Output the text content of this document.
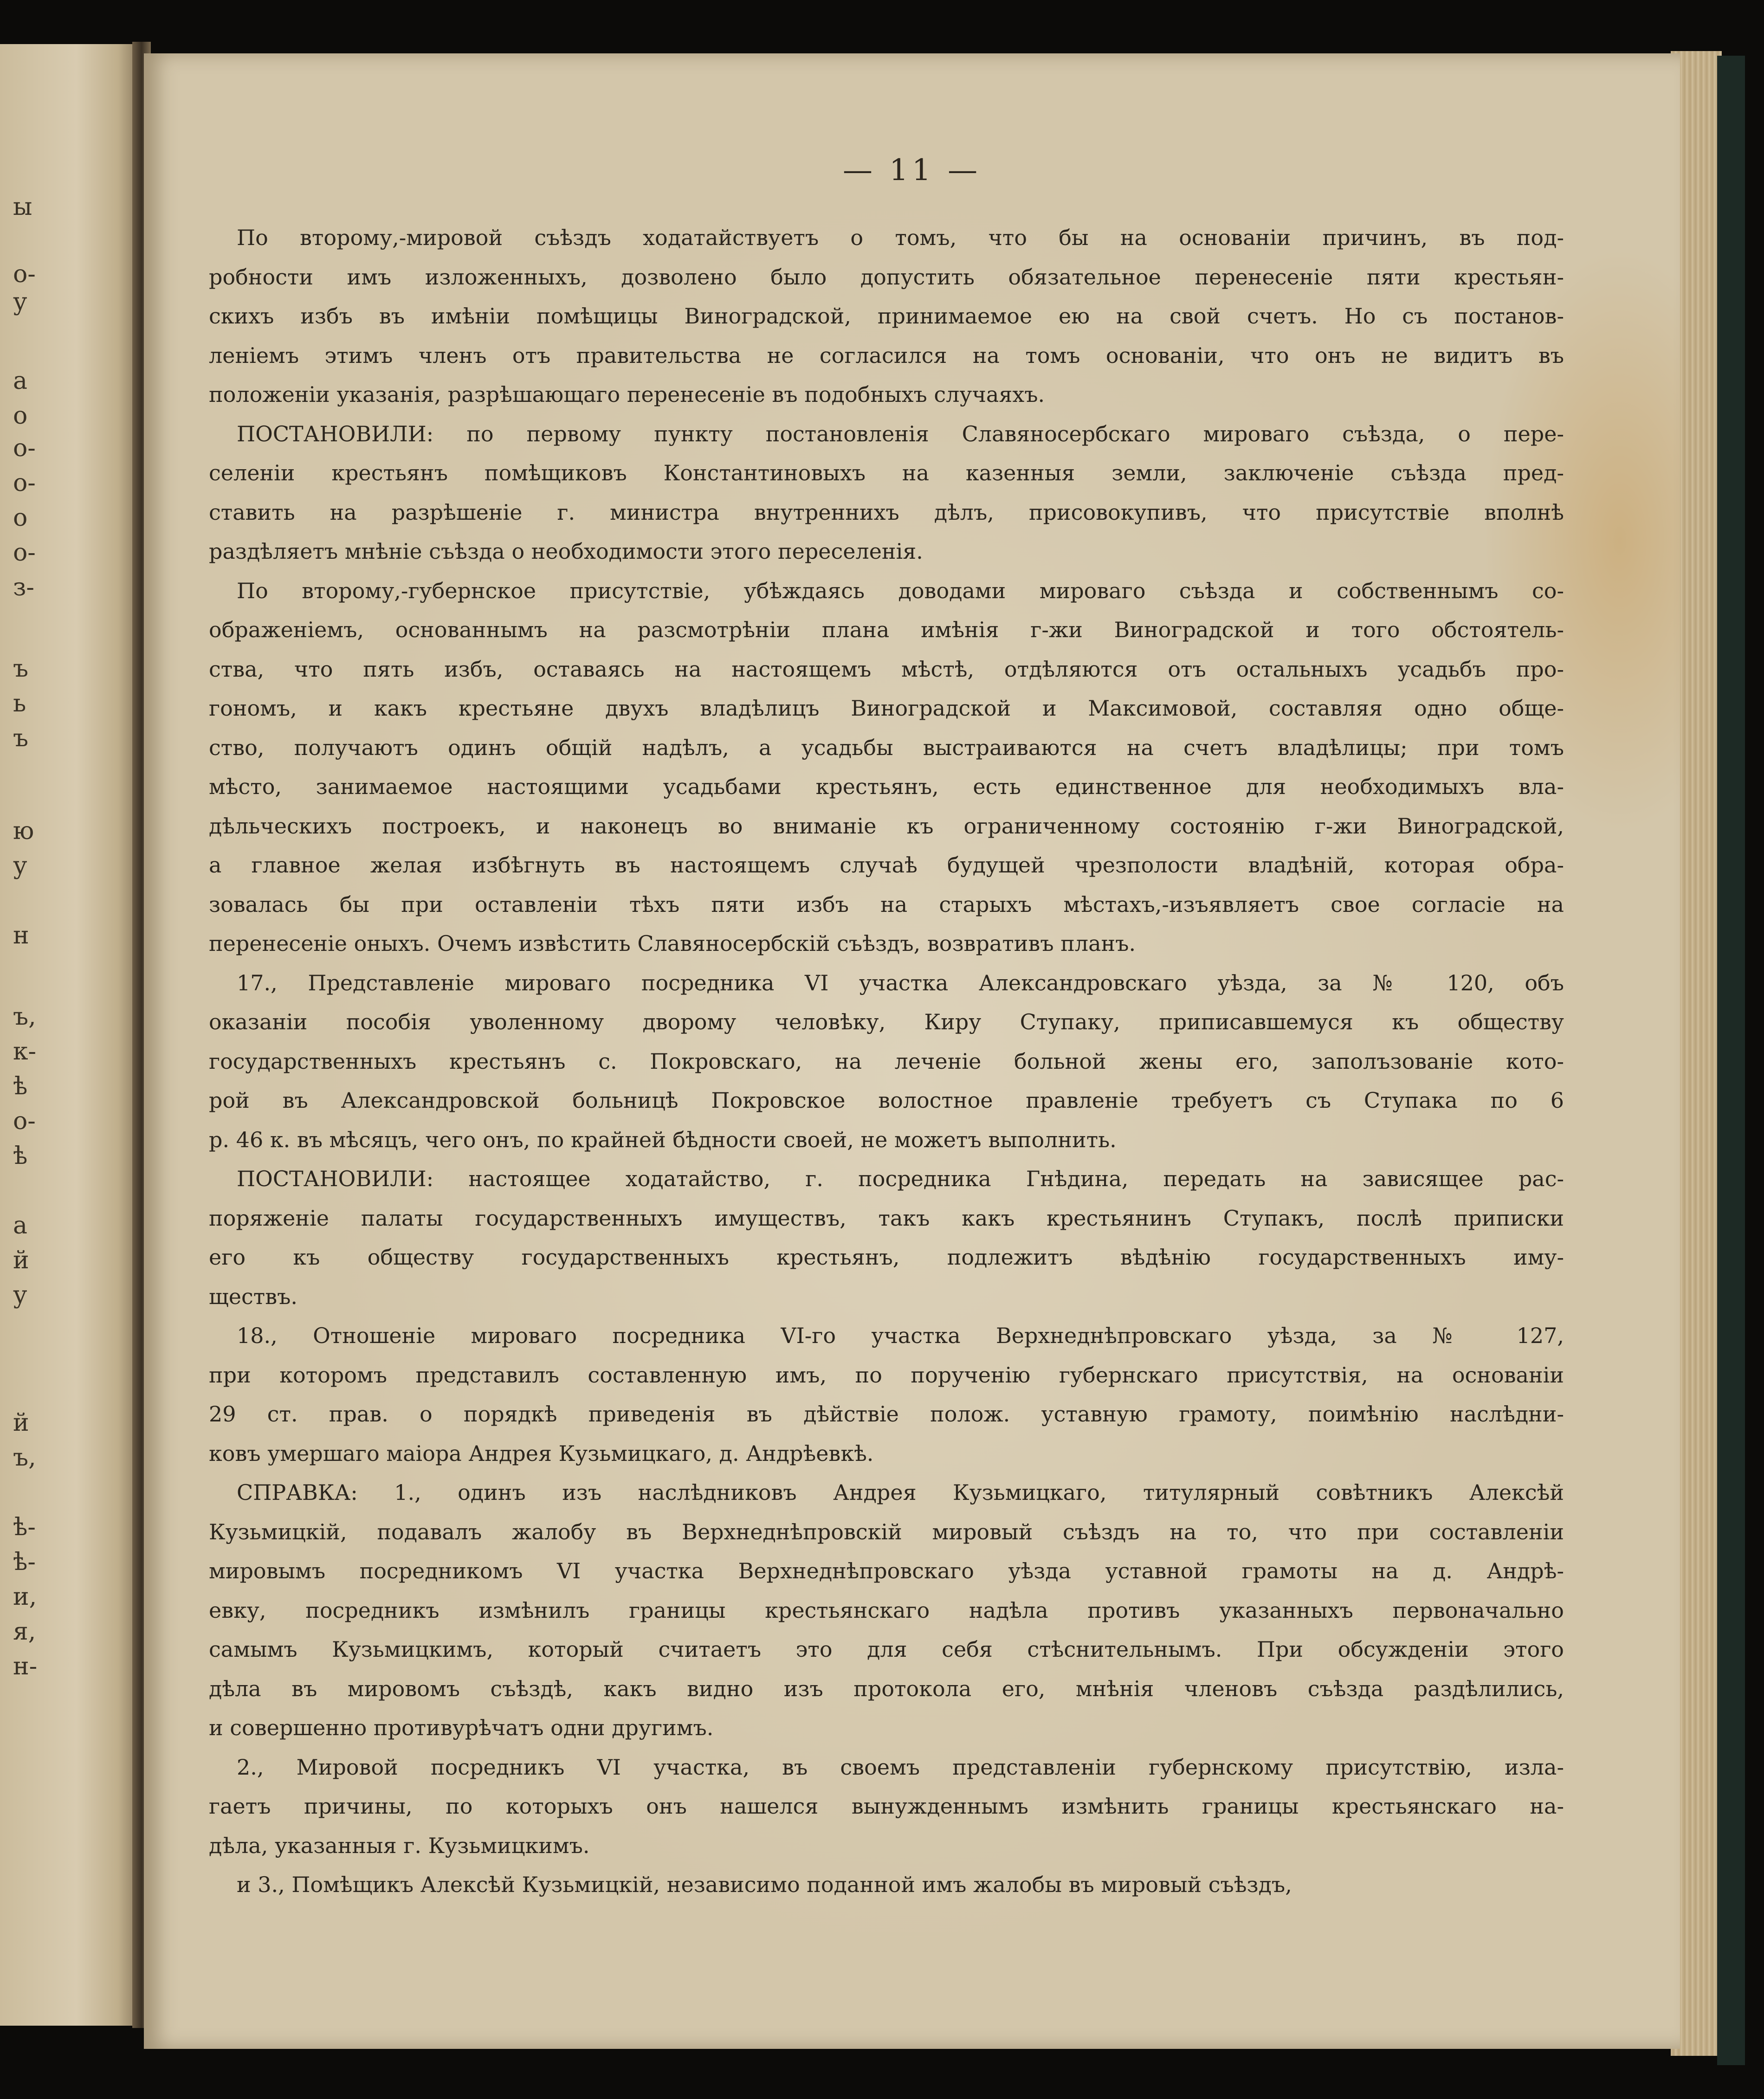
ы
о-
у
а
о
о-
о-
о
о-
з-
ъ
ь
ъ
ю
у
н
ъ,
к-
ѣ
о-
ѣ
а
й
у
й
ъ,
ѣ-
ѣ-
и,
я,
н-
— 11 —
По второму,-мировой съѣздъ ходатайствуетъ о томъ, что бы на основаніи причинъ, въ под-
робности имъ изложенныхъ, дозволено было допустить обязательное перенесеніе пяти крестьян-
скихъ избъ въ имѣніи помѣщицы Виноградской, принимаемое ею на свой счетъ. Но съ постанов-
леніемъ этимъ членъ отъ правительства не согласился на томъ основаніи, что онъ не видитъ въ
положеніи указанія, разрѣшающаго перенесеніе въ подобныхъ случаяхъ.
ПОСТАНОВИЛИ: по первому пункту постановленія Славяносербскаго мироваго съѣзда, о пере-
селеніи крестьянъ помѣщиковъ Константиновыхъ на казенныя земли, заключеніе съѣзда пред-
ставить на разрѣшеніе г. министра внутреннихъ дѣлъ, присовокупивъ, что присутствіе вполнѣ
раздѣляетъ мнѣніе съѣзда о необходимости этого переселенія.
По второму,-губернское присутствіе, убѣждаясь доводами мироваго съѣзда и собственнымъ со-
ображеніемъ, основаннымъ на разсмотрѣніи плана имѣнія г-жи Виноградской и того обстоятель-
ства, что пять избъ, оставаясь на настоящемъ мѣстѣ, отдѣляются отъ остальныхъ усадьбъ про-
гономъ, и какъ крестьяне двухъ владѣлицъ Виноградской и Максимовой, составляя одно обще-
ство, получаютъ одинъ общій надѣлъ, а усадьбы выстраиваются на счетъ владѣлицы; при томъ
мѣсто, занимаемое настоящими усадьбами крестьянъ, есть единственное для необходимыхъ вла-
дѣльческихъ построекъ, и наконецъ во вниманіе къ ограниченному состоянію г-жи Виноградской,
а главное желая избѣгнуть въ настоящемъ случаѣ будущей чрезполости владѣній, которая обра-
зовалась бы при оставленіи тѣхъ пяти избъ на старыхъ мѣстахъ,-изъявляетъ свое согласіе на
перенесеніе оныхъ. Очемъ извѣстить Славяносербскій съѣздъ, возвративъ планъ.
17., Представленіе мироваго посредника VI участка Александровскаго уѣзда, за № 120, объ
оказаніи пособія уволенному дворому человѣку, Киру Ступаку, приписавшемуся къ обществу
государственныхъ крестьянъ с. Покровскаго, на леченіе больной жены его, заполъзованіе кото-
рой въ Александровской больницѣ Покровское волостное правленіе требуетъ съ Ступака по 6
р. 46 к. въ мѣсяцъ, чего онъ, по крайней бѣдности своей, не можетъ выполнить.
ПОСТАНОВИЛИ: настоящее ходатайство, г. посредника Гнѣдина, передать на зависящее рас-
поряженіе палаты государственныхъ имуществъ, такъ какъ крестьянинъ Ступакъ, послѣ приписки
его къ обществу государственныхъ крестьянъ, подлежитъ вѣдѣнію государственныхъ иму-
ществъ.
18., Отношеніе мироваго посредника VI-го участка Верхнеднѣпровскаго уѣзда, за № 127,
при которомъ представилъ составленную имъ, по порученію губернскаго присутствія, на основаніи
29 ст. прав. о порядкѣ приведенія въ дѣйствіе полож. уставную грамоту, поимѣнію наслѣдни-
ковъ умершаго маіора Андрея Кузьмицкаго, д. Андрѣевкѣ.
СПРАВКА: 1., одинъ изъ наслѣдниковъ Андрея Кузьмицкаго, титулярный совѣтникъ Алексѣй
Кузьмицкій, подавалъ жалобу въ Верхнеднѣпровскій мировый съѣздъ на то, что при составленіи
мировымъ посредникомъ VI участка Верхнеднѣпровскаго уѣзда уставной грамоты на д. Андрѣ-
евку, посредникъ измѣнилъ границы крестьянскаго надѣла противъ указанныхъ первоначально
самымъ Кузьмицкимъ, который считаетъ это для себя стѣснительнымъ. При обсужденіи этого
дѣла въ мировомъ съѣздѣ, какъ видно изъ протокола его, мнѣнія членовъ съѣзда раздѣлились,
и совершенно противурѣчатъ одни другимъ.
2., Мировой посредникъ VI участка, въ своемъ представленіи губернскому присутствію, изла-
гаетъ причины, по которыхъ онъ нашелся вынужденнымъ измѣнить границы крестьянскаго на-
дѣла, указанныя г. Кузьмицкимъ.
и 3., Помѣщикъ Алексѣй Кузьмицкій, независимо поданной имъ жалобы въ мировый съѣздъ,
